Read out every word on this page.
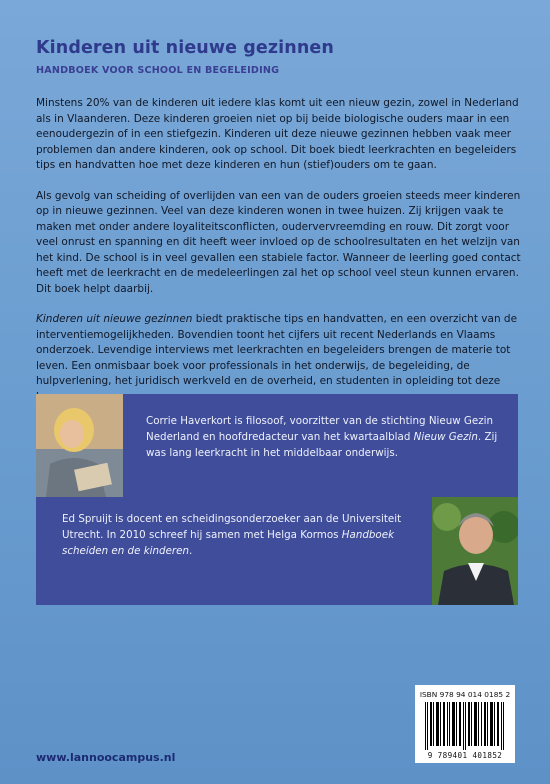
Kinderen uit nieuwe gezinnen
HANDBOEK VOOR SCHOOL EN BEGELEIDING

Minstens 20% van de kinderen uit iedere klas komt uit een nieuw gezin, zowel in Nederland als in Vlaanderen. Deze kinderen groeien niet op bij beide biologische ouders maar in een eenoudergezin of in een stiefgezin. Kinderen uit deze nieuwe gezinnen hebben vaak meer problemen dan andere kinderen, ook op school. Dit boek biedt leerkrachten en begeleiders tips en handvatten hoe met deze kinderen en hun (stief)ouders om te gaan.

Als gevolg van scheiding of overlijden van een van de ouders groeien steeds meer kinderen op in nieuwe gezinnen. Veel van deze kinderen wonen in twee huizen. Zij krijgen vaak te maken met onder andere loyaliteitsconflicten, oudervervreemding en rouw. Dit zorgt voor veel onrust en spanning en dit heeft weer invloed op de schoolresultaten en het welzijn van het kind. De school is in veel gevallen een stabiele factor. Wanneer de leerling goed contact heeft met de leerkracht en de medeleerlingen zal het op school veel steun kunnen ervaren. Dit boek helpt daarbij.

Kinderen uit nieuwe gezinnen biedt praktische tips en handvatten, en een overzicht van de interventiemogelijkheden. Bovendien toont het cijfers uit recent Nederlands en Vlaams onderzoek. Levendige interviews met leerkrachten en begeleiders brengen de materie tot leven. Een onmisbaar boek voor professionals in het onderwijs, de begeleiding, de hulpverlening, het juridisch werkveld en de overheid, en studenten in opleiding tot deze

Corrie Haverkort is filosoof, voorzitter van de stichting Nieuw Gezin Nederland en hoofdredacteur van het kwartaalblad Nieuw Gezin. Zij was lang leerkracht in het middelbaar onderwijs.
Ed Spruijt is docent en scheidingsonderzoeker aan de Universiteit Utrecht. In 2010 schreef hij samen met Helga Kormos Handboek scheiden en de kinderen.
ISBN 978 94 014 0185 2
9 789401 401852
www.lannoocampus.nl
